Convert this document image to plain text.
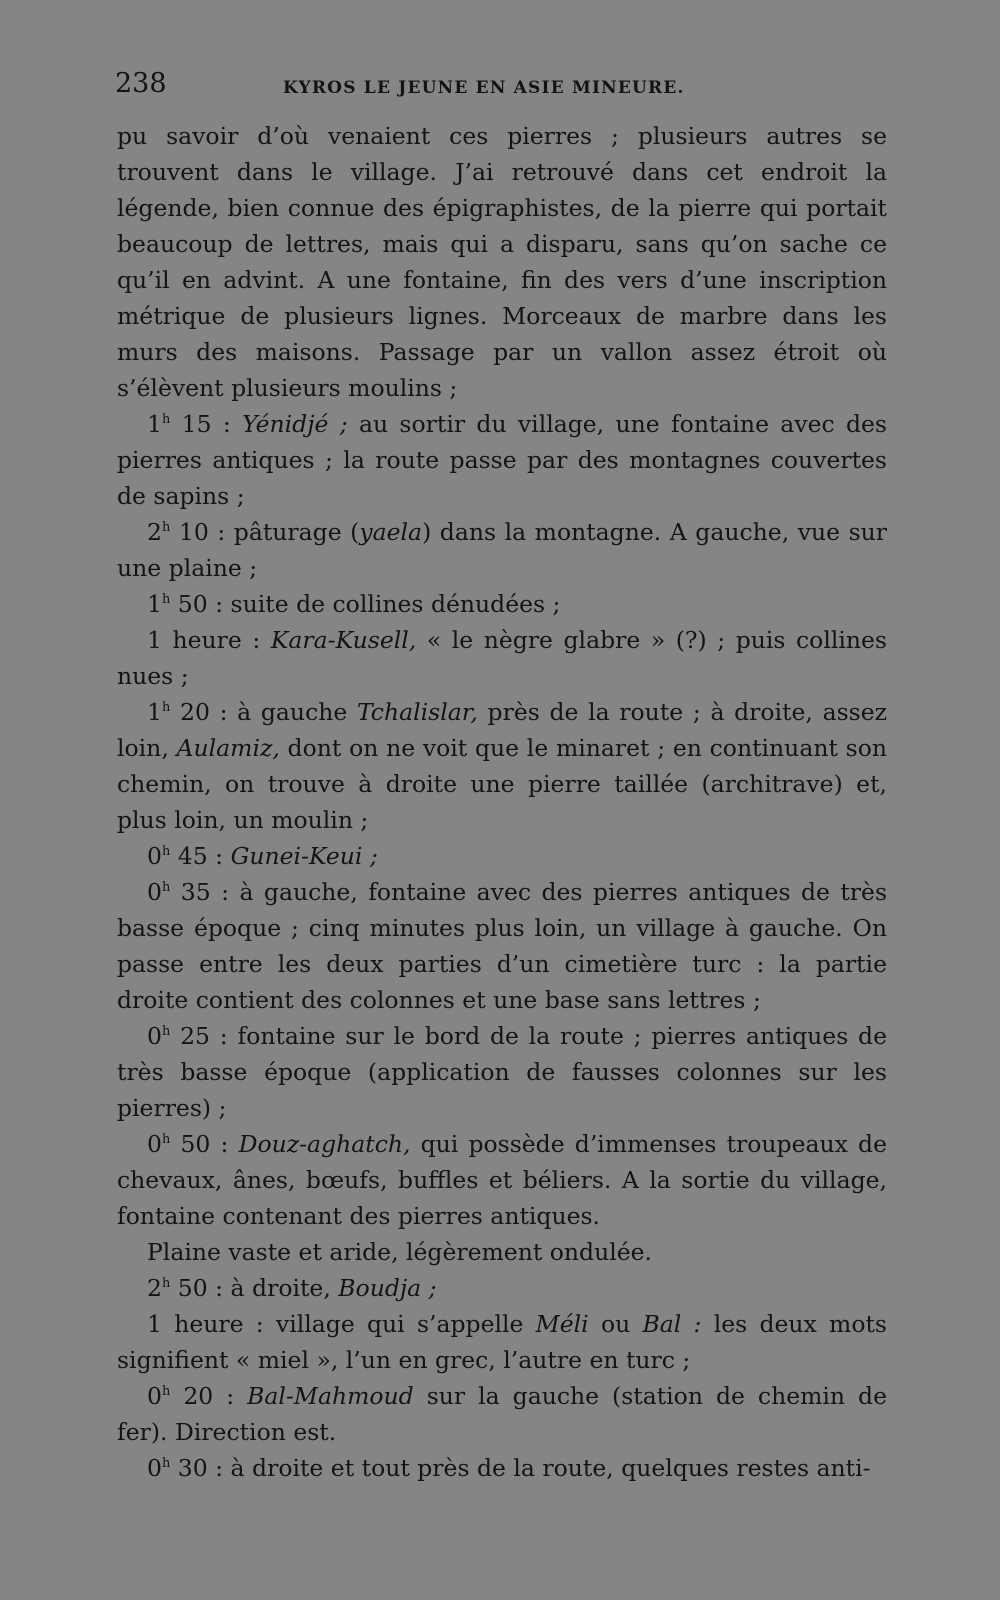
238	KYROS LE JEUNE EN ASIE MINEURE.

pu savoir d’où venaient ces pierres ; plusieurs autres se trouvent dans le village. J’ai retrouvé dans cet endroit la légende, bien connue des épigraphistes, de la pierre qui portait beaucoup de lettres, mais qui a disparu, sans qu’on sache ce qu’il en advint. A une fontaine, fin des vers d’une inscription métrique de plusieurs lignes. Morceaux de marbre dans les murs des maisons. Passage par un vallon assez étroit où s’élèvent plusieurs moulins ;

1$^h$ 15 : Yénidjé ; au sortir du village, une fontaine avec des pierres antiques ; la route passe par des montagnes couvertes de sapins ;

2$^h$ 10 : pâturage (yaela) dans la montagne. A gauche, vue sur une plaine ;

1$^h$ 50 : suite de collines dénudées ;

1 heure : Kara-Kusell, « le nègre glabre » (?) ; puis collines nues ;

1$^h$ 20 : à gauche Tchalislar, près de la route ; à droite, assez loin, Aulamiz, dont on ne voit que le minaret ; en continuant son chemin, on trouve à droite une pierre taillée (architrave) et, plus loin, un moulin ;

0$^h$ 45 : Gunei-Keui ;

0$^h$ 35 : à gauche, fontaine avec des pierres antiques de très basse époque ; cinq minutes plus loin, un village à gauche. On passe entre les deux parties d’un cimetière turc : la partie droite contient des colonnes et une base sans lettres ;

0$^h$ 25 : fontaine sur le bord de la route ; pierres antiques de très basse époque (application de fausses colonnes sur les pierres) ;

0$^h$ 50 : Douz-aghatch, qui possède d’immenses troupeaux de chevaux, ânes, bœufs, buffles et béliers. A la sortie du village, fontaine contenant des pierres antiques.

Plaine vaste et aride, légèrement ondulée.

2$^h$ 50 : à droite, Boudja ;

1 heure : village qui s’appelle Méli ou Bal : les deux mots signifient « miel », l’un en grec, l’autre en turc ;

0$^h$ 20 : Bal-Mahmoud sur la gauche (station de chemin de fer). Direction est.

0$^h$ 30 : à droite et tout près de la route, quelques restes anti-
